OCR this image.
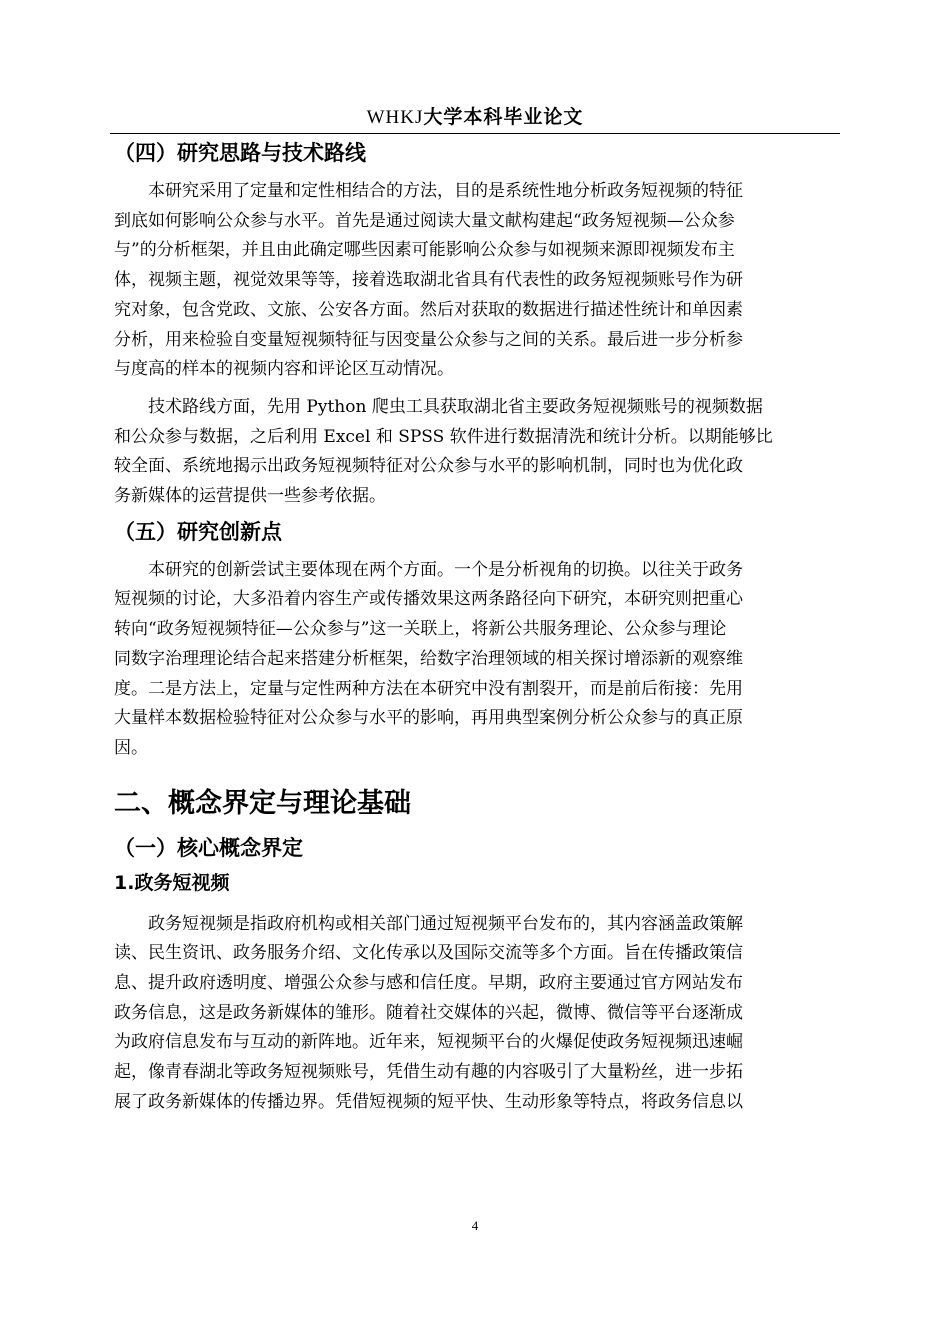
WHKJ大学本科毕业论文
（四）研究思路与技术路线
本研究采用了定量和定性相结合的方法，目的是系统性地分析政务短视频的特征
到底如何影响公众参与水平。首先是通过阅读大量文献构建起“政务短视频—公众参
与”的分析框架，并且由此确定哪些因素可能影响公众参与如视频来源即视频发布主
体，视频主题，视觉效果等等，接着选取湖北省具有代表性的政务短视频账号作为研
究对象，包含党政、文旅、公安各方面。然后对获取的数据进行描述性统计和单因素
分析，用来检验自变量短视频特征与因变量公众参与之间的关系。最后进一步分析参
与度高的样本的视频内容和评论区互动情况。
技术路线方面，先用 Python 爬虫工具获取湖北省主要政务短视频账号的视频数据
和公众参与数据，之后利用 Excel 和 SPSS 软件进行数据清洗和统计分析。以期能够比
较全面、系统地揭示出政务短视频特征对公众参与水平的影响机制，同时也为优化政
务新媒体的运营提供一些参考依据。
（五）研究创新点
本研究的创新尝试主要体现在两个方面。一个是分析视角的切换。以往关于政务
短视频的讨论，大多沿着内容生产或传播效果这两条路径向下研究，本研究则把重心
转向“政务短视频特征—公众参与”这一关联上，将新公共服务理论、公众参与理论
同数字治理理论结合起来搭建分析框架，给数字治理领域的相关探讨增添新的观察维
度。二是方法上，定量与定性两种方法在本研究中没有割裂开，而是前后衔接：先用
大量样本数据检验特征对公众参与水平的影响，再用典型案例分析公众参与的真正原
因。
二、概念界定与理论基础
（一）核心概念界定
1.政务短视频
政务短视频是指政府机构或相关部门通过短视频平台发布的，其内容涵盖政策解
读、民生资讯、政务服务介绍、文化传承以及国际交流等多个方面。旨在传播政策信
息、提升政府透明度、增强公众参与感和信任度。早期，政府主要通过官方网站发布
政务信息，这是政务新媒体的雏形。随着社交媒体的兴起，微博、微信等平台逐渐成
为政府信息发布与互动的新阵地。近年来，短视频平台的火爆促使政务短视频迅速崛
起，像青春湖北等政务短视频账号，凭借生动有趣的内容吸引了大量粉丝，进一步拓
展了政务新媒体的传播边界。凭借短视频的短平快、生动形象等特点，将政务信息以
4
